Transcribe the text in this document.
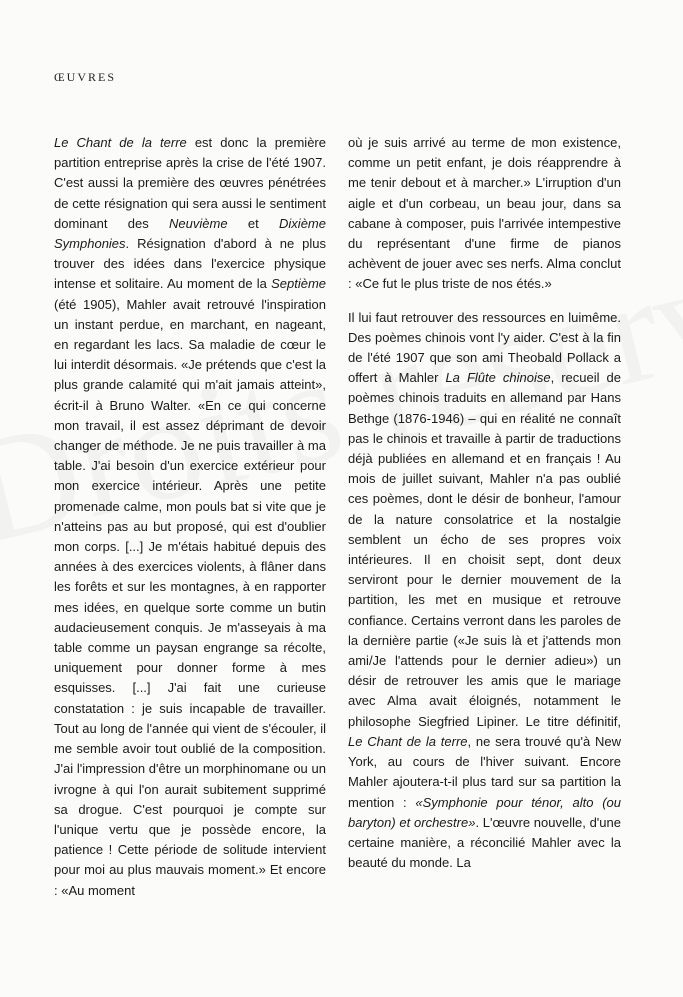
ŒUVRES

Le Chant de la terre est donc la première partition entreprise après la crise de l'été 1907. C'est aussi la première des œuvres pénétrées de cette résignation qui sera aussi le sentiment dominant des Neuvième et Dixième Symphonies. Résignation d'abord à ne plus trouver des idées dans l'exercice physique intense et solitaire. Au moment de la Septième (été 1905), Mahler avait retrouvé l'inspiration un instant perdue, en marchant, en nageant, en regardant les lacs. Sa maladie de cœur le lui interdit désormais. «Je prétends que c'est la plus grande calamité qui m'ait jamais atteint», écrit-il à Bruno Walter. «En ce qui concerne mon travail, il est assez déprimant de devoir changer de méthode. Je ne puis travailler à ma table. J'ai besoin d'un exercice extérieur pour mon exercice intérieur. Après une petite promenade calme, mon pouls bat si vite que je n'atteins pas au but proposé, qui est d'oublier mon corps. [...] Je m'étais habitué depuis des années à des exercices violents, à flâner dans les forêts et sur les montagnes, à en rapporter mes idées, en quelque sorte comme un butin audacieusement conquis. Je m'asseyais à ma table comme un paysan engrange sa récolte, uniquement pour donner forme à mes esquisses. [...] J'ai fait une curieuse constatation : je suis incapable de travailler. Tout au long de l'année qui vient de s'écouler, il me semble avoir tout oublié de la composition. J'ai l'impression d'être un morphinomane ou un ivrogne à qui l'on aurait subitement supprimé sa drogue. C'est pourquoi je compte sur l'unique vertu que je possède encore, la patience ! Cette période de solitude intervient pour moi au plus mauvais moment.» Et encore : «Au moment

où je suis arrivé au terme de mon existence, comme un petit enfant, je dois réapprendre à me tenir debout et à marcher.» L'irruption d'un aigle et d'un corbeau, un beau jour, dans sa cabane à composer, puis l'arrivée intempestive du représentant d'une firme de pianos achèvent de jouer avec ses nerfs. Alma conclut : «Ce fut le plus triste de nos étés.»

Il lui faut retrouver des ressources en luimême. Des poèmes chinois vont l'y aider. C'est à la fin de l'été 1907 que son ami Theobald Pollack a offert à Mahler La Flûte chinoise, recueil de poèmes chinois traduits en allemand par Hans Bethge (1876-1946) – qui en réalité ne connaît pas le chinois et travaille à partir de traductions déjà publiées en allemand et en français ! Au mois de juillet suivant, Mahler n'a pas oublié ces poèmes, dont le désir de bonheur, l'amour de la nature consolatrice et la nostalgie semblent un écho de ses propres voix intérieures. Il en choisit sept, dont deux serviront pour le dernier mouvement de la partition, les met en musique et retrouve confiance. Certains verront dans les paroles de la dernière partie («Je suis là et j'attends mon ami/Je l'attends pour le dernier adieu») un désir de retrouver les amis que le mariage avec Alma avait éloignés, notamment le philosophe Siegfried Lipiner. Le titre définitif, Le Chant de la terre, ne sera trouvé qu'à New York, au cours de l'hiver suivant. Encore Mahler ajoutera-t-il plus tard sur sa partition la mention : «Symphonie pour ténor, alto (ou baryton) et orchestre». L'œuvre nouvelle, d'une certaine manière, a réconcilié Mahler avec la beauté du monde. La
